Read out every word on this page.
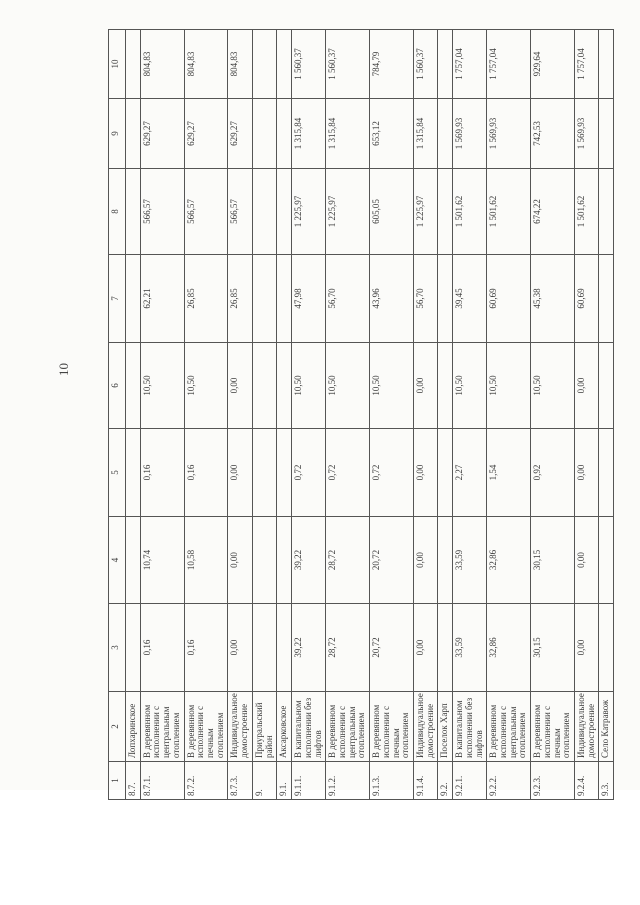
10
1	2	3	4	5	6	7	8	9	10
8.7.	Лопхаринское								
8.7.1.	В деревянном исполнении с центральным отоплением	0,16	10,74	0,16	10,50	62,21	566,57	629,27	804,83
8.7.2.	В деревянном исполнении с печным отоплением	0,16	10,58	0,16	10,50	26,85	566,57	629,27	804,83
8.7.3.	Индивидуальное домостроение	0,00	0,00	0,00	0,00	26,85	566,57	629,27	804,83
9.	Приуральский район								
9.1.	Аксарковское								
9.1.1.	В капитальном исполнении без лифтов	39,22	39,22	0,72	10,50	47,98	1 225,97	1 315,84	1 560,37
9.1.2.	В деревянном исполнении с центральным отоплением	28,72	28,72	0,72	10,50	56,70	1 225,97	1 315,84	1 560,37
9.1.3.	В деревянном исполнении с печным отоплением	20,72	20,72	0,72	10,50	43,96	605,05	653,12	784,79
9.1.4.	Индивидуальное домостроение	0,00	0,00	0,00	0,00	56,70	1 225,97	1 315,84	1 560,37
9.2.	Поселок Харп								
9.2.1.	В капитальном исполнении без лифтов	33,59	33,59	2,27	10,50	39,45	1 501,62	1 569,93	1 757,04
9.2.2.	В деревянном исполнении с центральным отоплением	32,86	32,86	1,54	10,50	60,69	1 501,62	1 569,93	1 757,04
9.2.3.	В деревянном исполнении с печным отоплением	30,15	30,15	0,92	10,50	45,38	674,22	742,53	929,64
9.2.4.	Индивидуальное домостроение	0,00	0,00	0,00	0,00	60,69	1 501,62	1 569,93	1 757,04
9.3.	Село Катравож								
